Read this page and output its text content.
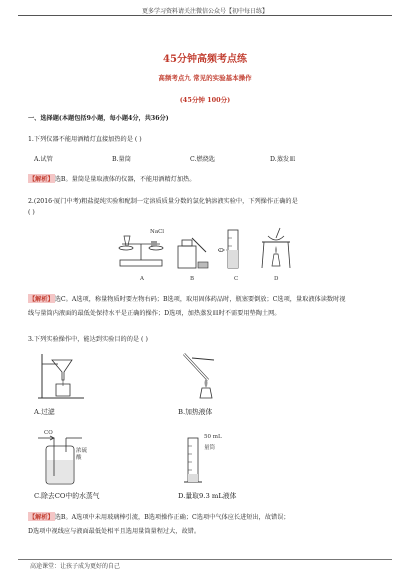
更多学习资料请关注微信公众号【初中每日练】
45分钟高频考点练
高频考点九 常见的实验基本操作
(45分钟 100分)
一、选择题(本题包括9小题，每小题4分，共36分)
1.下列仪器不能用酒精灯直接加热的是 ( )
A.试管	B.量筒	C.燃烧匙	D.蒸发皿
【解析】选B。量筒是量取液体的仪器，不能用酒精灯加热。
2.(2016·厦门中考)粗盐提纯实验和配制一定溶质质量分数的氯化钠溶液实验中，下列操作正确的是
( )
NaCl
A	B	C	D
【解析】选C。A选项，称量物质时要左物右码；B选项，取用固体药品时，瓶塞要倒放；C选项，量取液体读数时视
线与量筒内液面的最低处保持水平是正确的操作；D选项，加热蒸发皿时不需要用垫陶土网。
3.下列实验操作中，能达到实验目的的是 ( )
A.过滤	B.加热液体
CO
浓硫酸
C.除去CO中的水蒸气
50 mL
量筒
D.量取9.3 mL液体
【解析】选B。A选项中未用玻璃棒引流，B选项操作正确；C选项中气体应长进短出，故错误；
D选项中视线应与液面最低处相平且选用量筒量程过大，故错。
高途课堂：让孩子成为更好的自己
